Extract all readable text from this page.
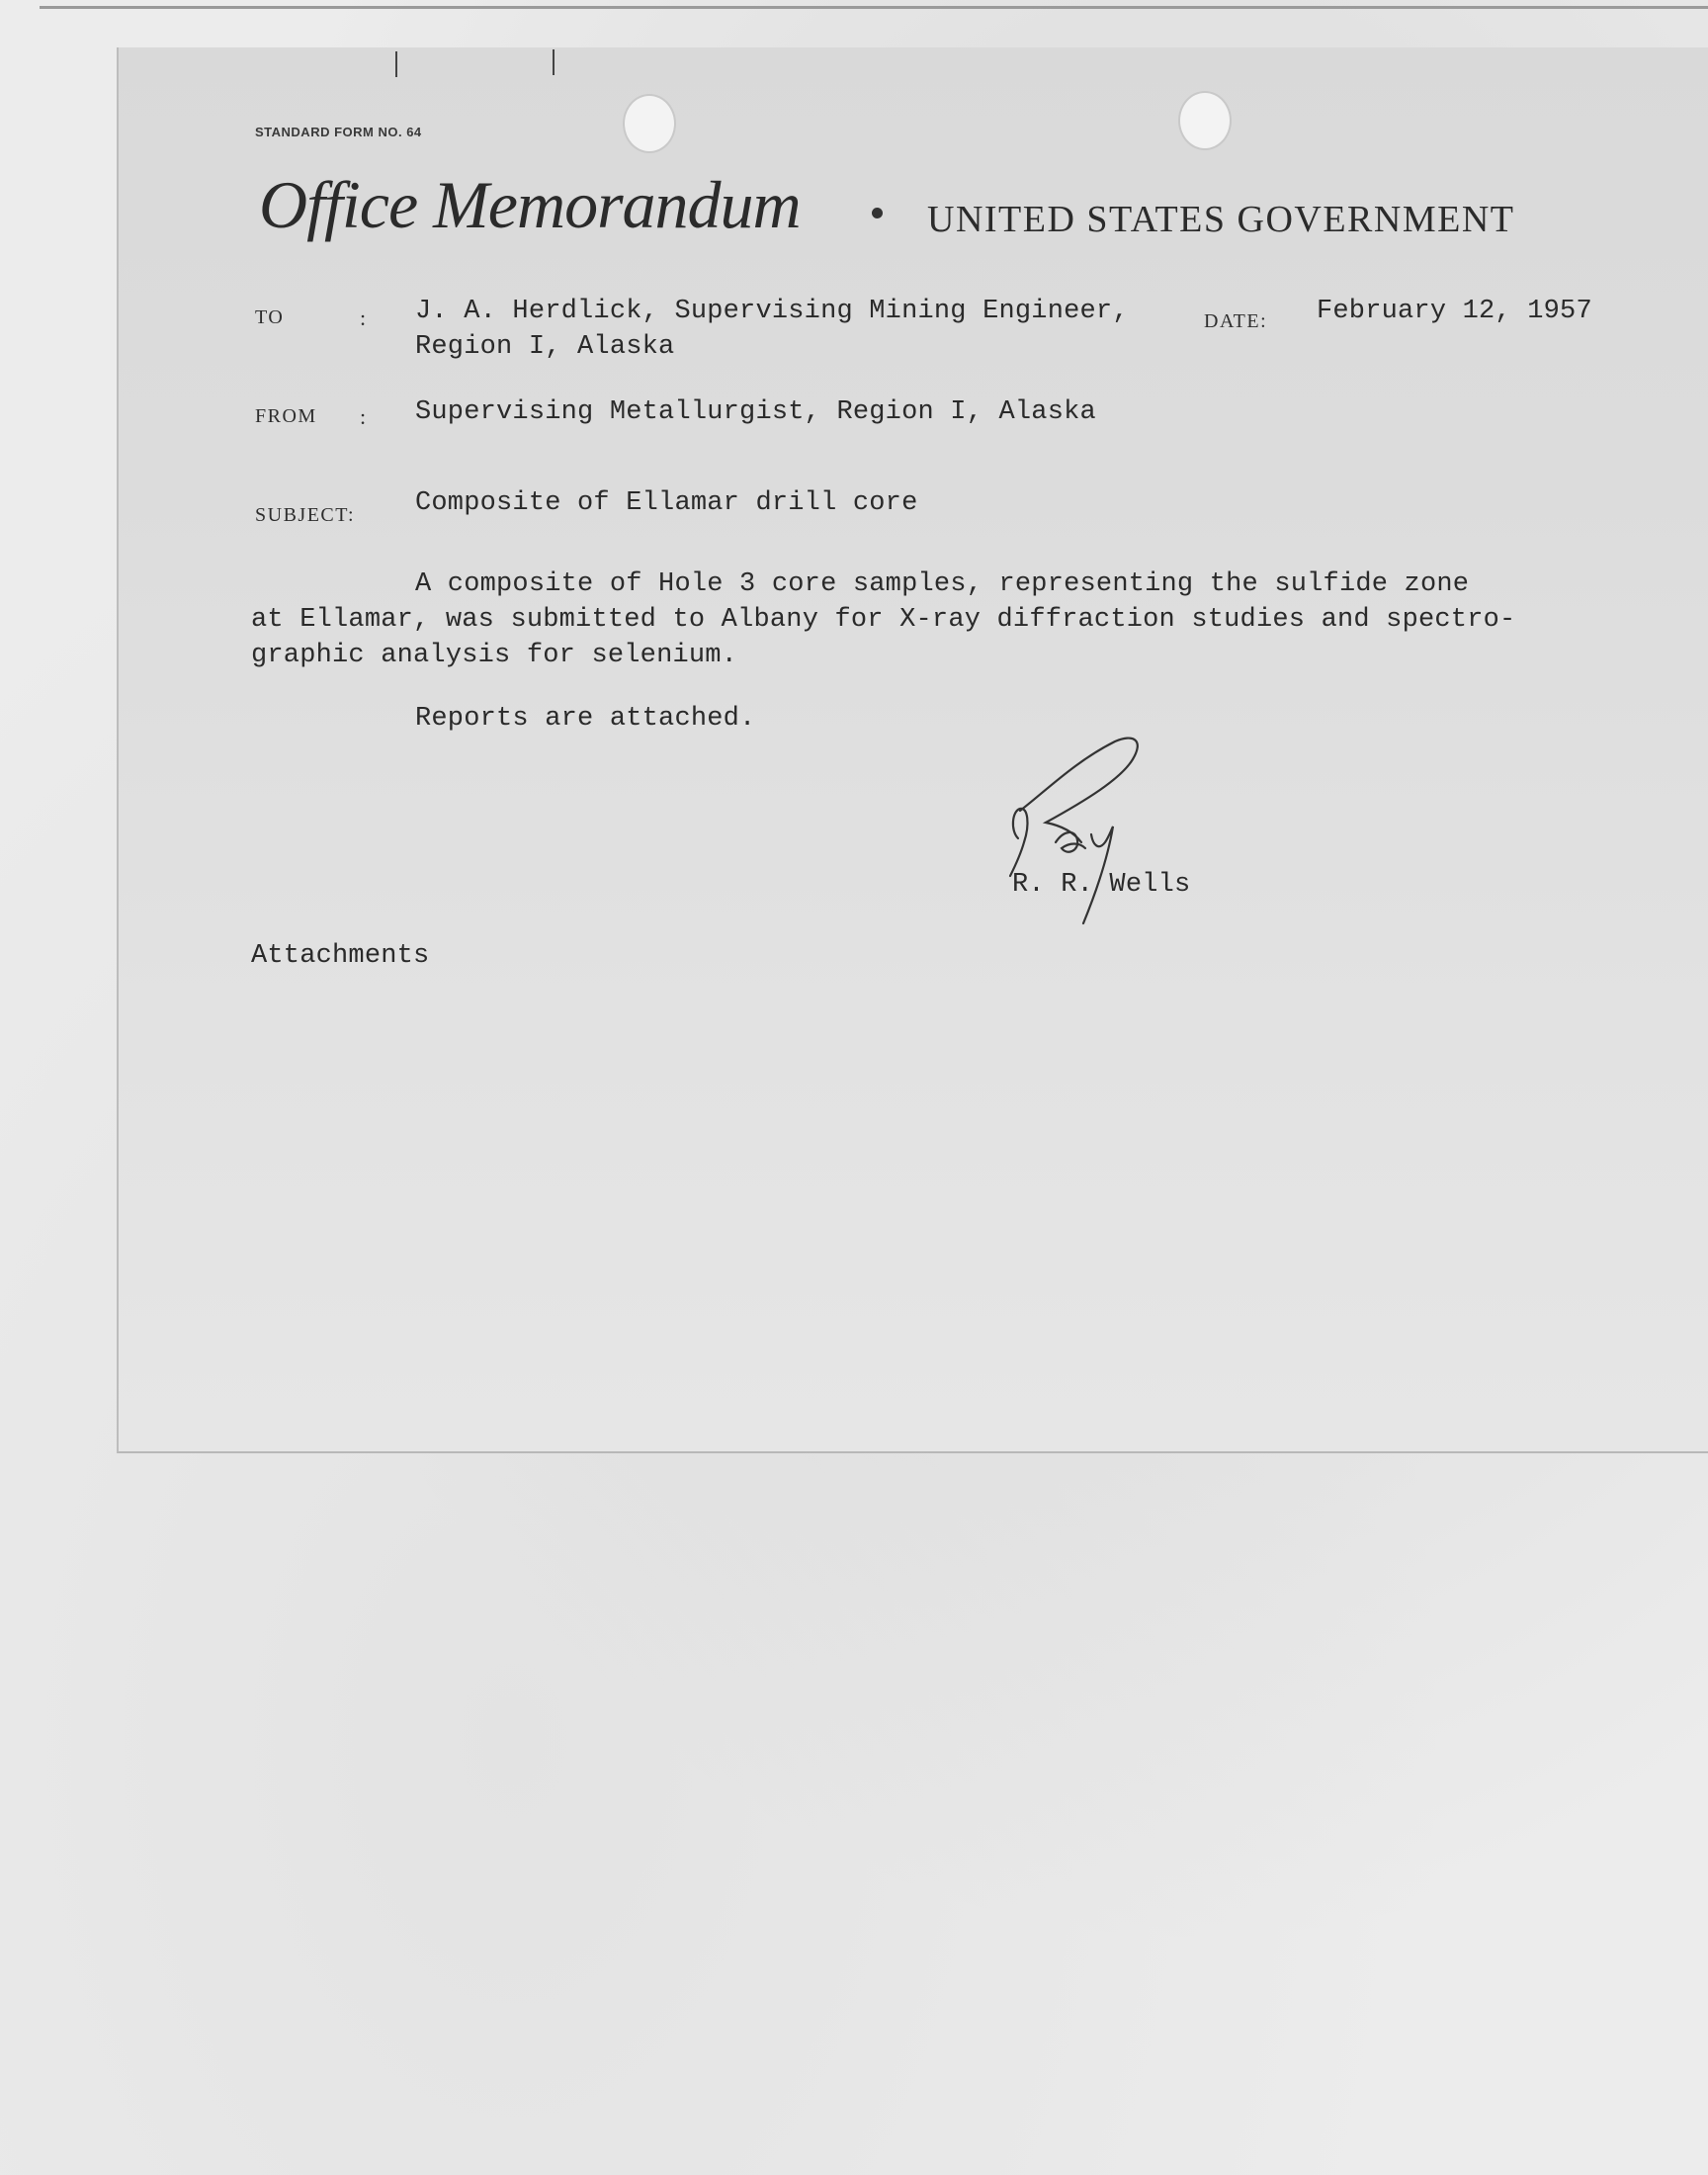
STANDARD FORM NO. 64
Office Memorandum	UNITED STATES GOVERNMENT
TO	: J. A. Herdlick, Supervising Mining Engineer,
Region I, Alaska
DATE: February 12, 1957
FROM : Supervising Metallurgist, Region I, Alaska
SUBJECT: Composite of Ellamar drill core
A composite of Hole 3 core samples, representing the sulfide zone
at Ellamar, was submitted to Albany for X-ray diffraction studies and spectro-
graphic analysis for selenium.
Reports are attached.
R. R. Wells
Attachments
